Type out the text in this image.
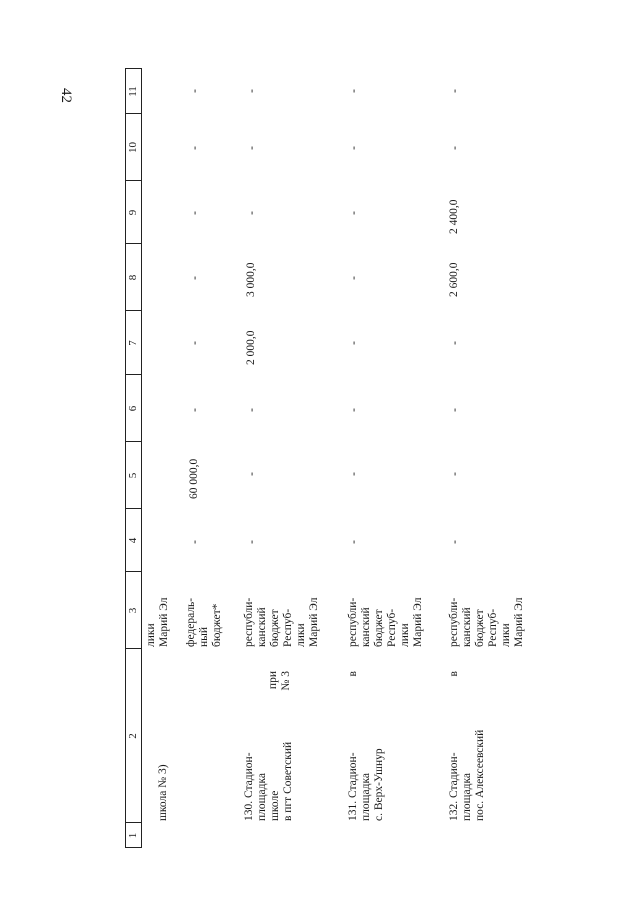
42
1
2
3
4
5
6
7
8
9
10
11
лики
Марий Эл
школа № 3)
федераль-
ный
бюджет*
-
60 000,0
-
-
-
-
-
-
130. Стадион-
площадка
школе
в пгт Советский
при
№ 3
республи-
канский
бюджет
Респуб-
лики
Марий Эл
-
-
-
2 000,0
3 000,0
-
-
-
131. Стадион-
площадка
с. Верх-Ушнур
в
республи-
канский
бюджет
Респуб-
лики
Марий Эл
-
-
-
-
-
-
-
-
132. Стадион-
площадка
пос. Алексеевский
в
республи-
канский
бюджет
Респуб-
лики
Марий Эл
-
-
-
-
2 600,0
2 400,0
-
-
